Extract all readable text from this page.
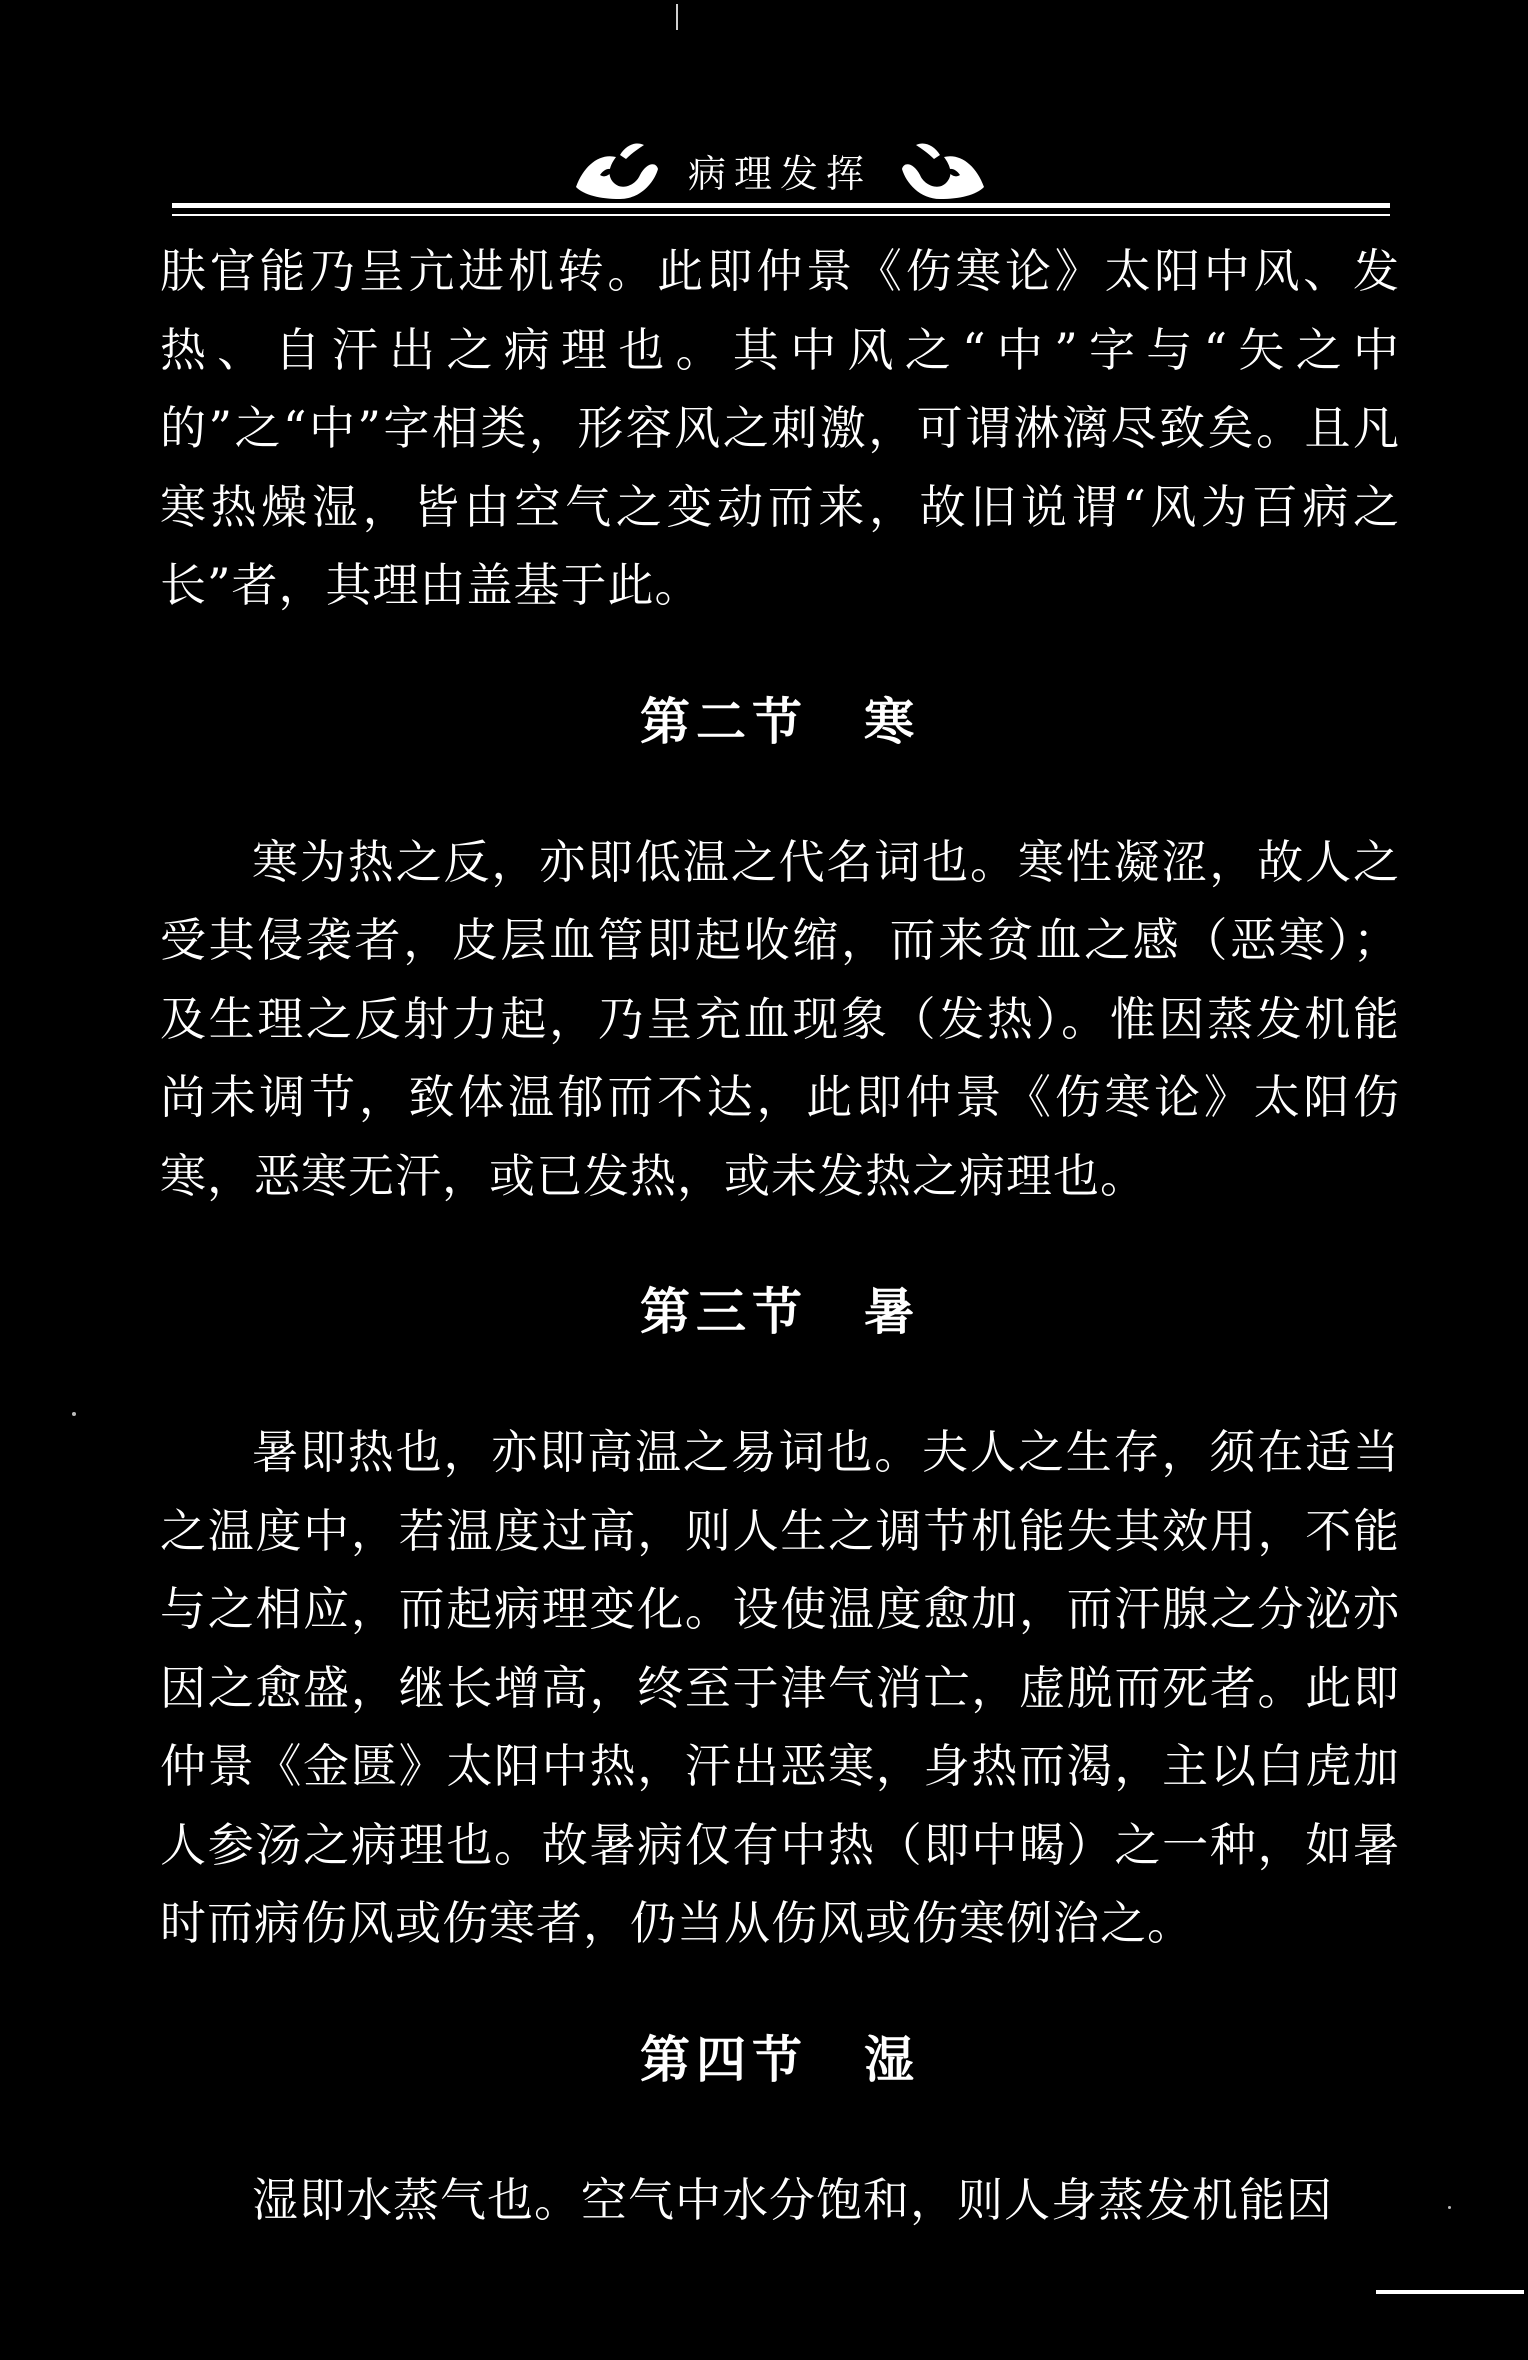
病理发挥

肤官能乃呈亢进机转。此即仲景《伤寒论》太阳中风、发热、自汗出之病理也。其中风之“中”字与“矢之中的”之“中”字相类，形容风之刺激，可谓淋漓尽致矣。且凡寒热燥湿，皆由空气之变动而来，故旧说谓“风为百病之长”者，其理由盖基于此。

第二节　寒

寒为热之反，亦即低温之代名词也。寒性凝涩，故人之受其侵袭者，皮层血管即起收缩，而来贫血之感（恶寒）；及生理之反射力起，乃呈充血现象（发热）。惟因蒸发机能尚未调节，致体温郁而不达，此即仲景《伤寒论》太阳伤寒，恶寒无汗，或已发热，或未发热之病理也。

第三节　暑

暑即热也，亦即高温之易词也。夫人之生存，须在适当之温度中，若温度过高，则人生之调节机能失其效用，不能与之相应，而起病理变化。设使温度愈加，而汗腺之分泌亦因之愈盛，继长增高，终至于津气消亡，虚脱而死者。此即仲景《金匮》太阳中热，汗出恶寒，身热而渴，主以白虎加人参汤之病理也。故暑病仅有中热（即中暍）之一种，如暑时而病伤风或伤寒者，仍当从伤风或伤寒例治之。

第四节　湿

湿即水蒸气也。空气中水分饱和，则人身蒸发机能因
